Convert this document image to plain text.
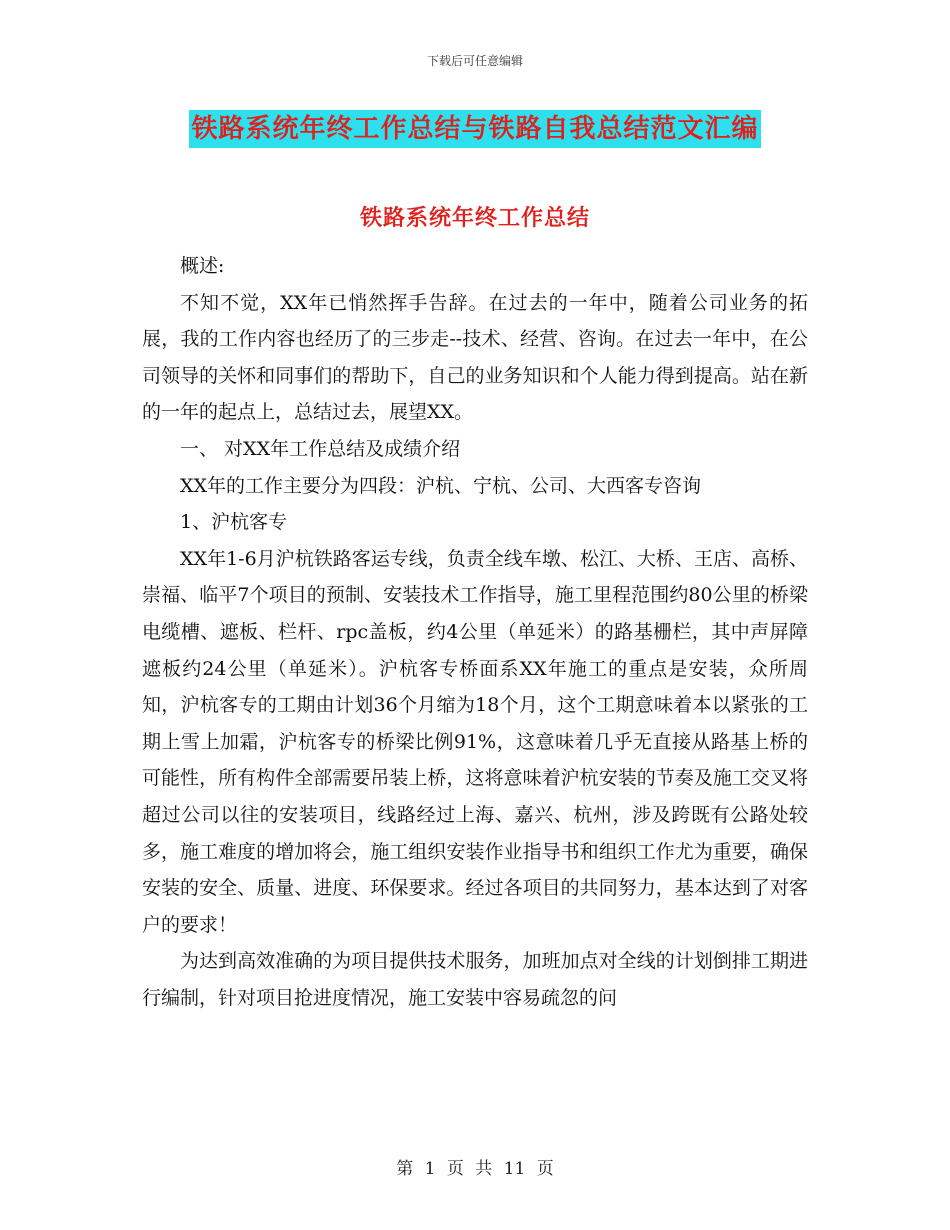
下载后可任意编辑
铁路系统年终工作总结与铁路自我总结范文汇编
铁路系统年终工作总结

概述:

不知不觉，XX年已悄然挥手告辞。在过去的一年中，随着公司业务的拓展，我的工作内容也经历了的三步走--技术、经营、咨询。在过去一年中，在公司领导的关怀和同事们的帮助下，自己的业务知识和个人能力得到提高。站在新的一年的起点上，总结过去，展望XX。

一、 对XX年工作总结及成绩介绍

XX年的工作主要分为四段：沪杭、宁杭、公司、大西客专咨询

1、沪杭客专

XX年1-6月沪杭铁路客运专线，负责全线车墩、松江、大桥、王店、高桥、崇福、临平7个项目的预制、安装技术工作指导，施工里程范围约80公里的桥梁电缆槽、遮板、栏杆、rpc盖板，约4公里（单延米）的路基栅栏，其中声屏障遮板约24公里（单延米）。沪杭客专桥面系XX年施工的重点是安装，众所周知，沪杭客专的工期由计划36个月缩为18个月，这个工期意味着本以紧张的工期上雪上加霜，沪杭客专的桥梁比例91%，这意味着几乎无直接从路基上桥的可能性，所有构件全部需要吊装上桥，这将意味着沪杭安装的节奏及施工交叉将超过公司以往的安装项目，线路经过上海、嘉兴、杭州，涉及跨既有公路处较多，施工难度的增加将会，施工组织安装作业指导书和组织工作尤为重要，确保安装的安全、质量、进度、环保要求。经过各项目的共同努力，基本达到了对客户的要求！

为达到高效准确的为项目提供技术服务，加班加点对全线的计划倒排工期进行编制，针对项目抢进度情况，施工安装中容易疏忽的问

第 1 页 共 11 页
